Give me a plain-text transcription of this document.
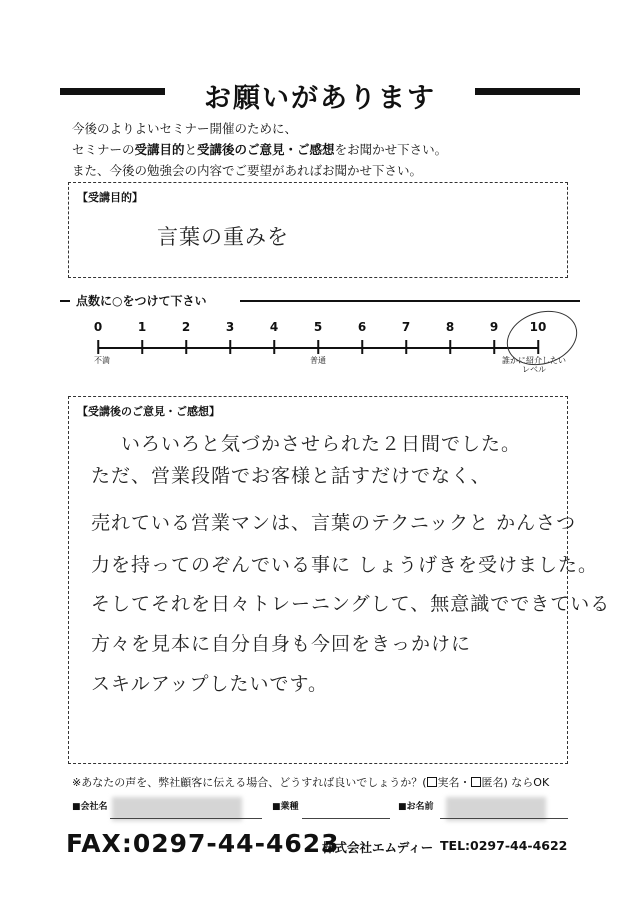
お願いがあります
今後のよりよいセミナー開催のために、
セミナーの受講目的と受講後のご意見・ご感想をお聞かせ下さい。
また、今後の勉強会の内容でご要望があればお聞かせ下さい。
【受講目的】
言葉の重みを
点数に○をつけて下さい
0	1	2	3	4	5	6	7	8	9	10
不満	普通	誰かに紹介したい
レベル
【受講後のご意見・ご感想】
いろいろと気づかさせられた２日間でした。
ただ、営業段階でお客様と話すだけでなく、
売れている営業マンは、言葉のテクニックと かんさつ
力を持ってのぞんでいる事に しょうげきを受けました。
そしてそれを日々トレーニングして、無意識でできている
方々を見本に自分自身も今回をきっかけに
スキルアップしたいです。
※あなたの声を、弊社顧客に伝える場合、どうすれば良いでしょうか？( 実名・ 匿名) ならOK
■会社名	■業種	■お名前
FAX:0297-44-4623
株式会社エムディー TEL:0297-44-4622
